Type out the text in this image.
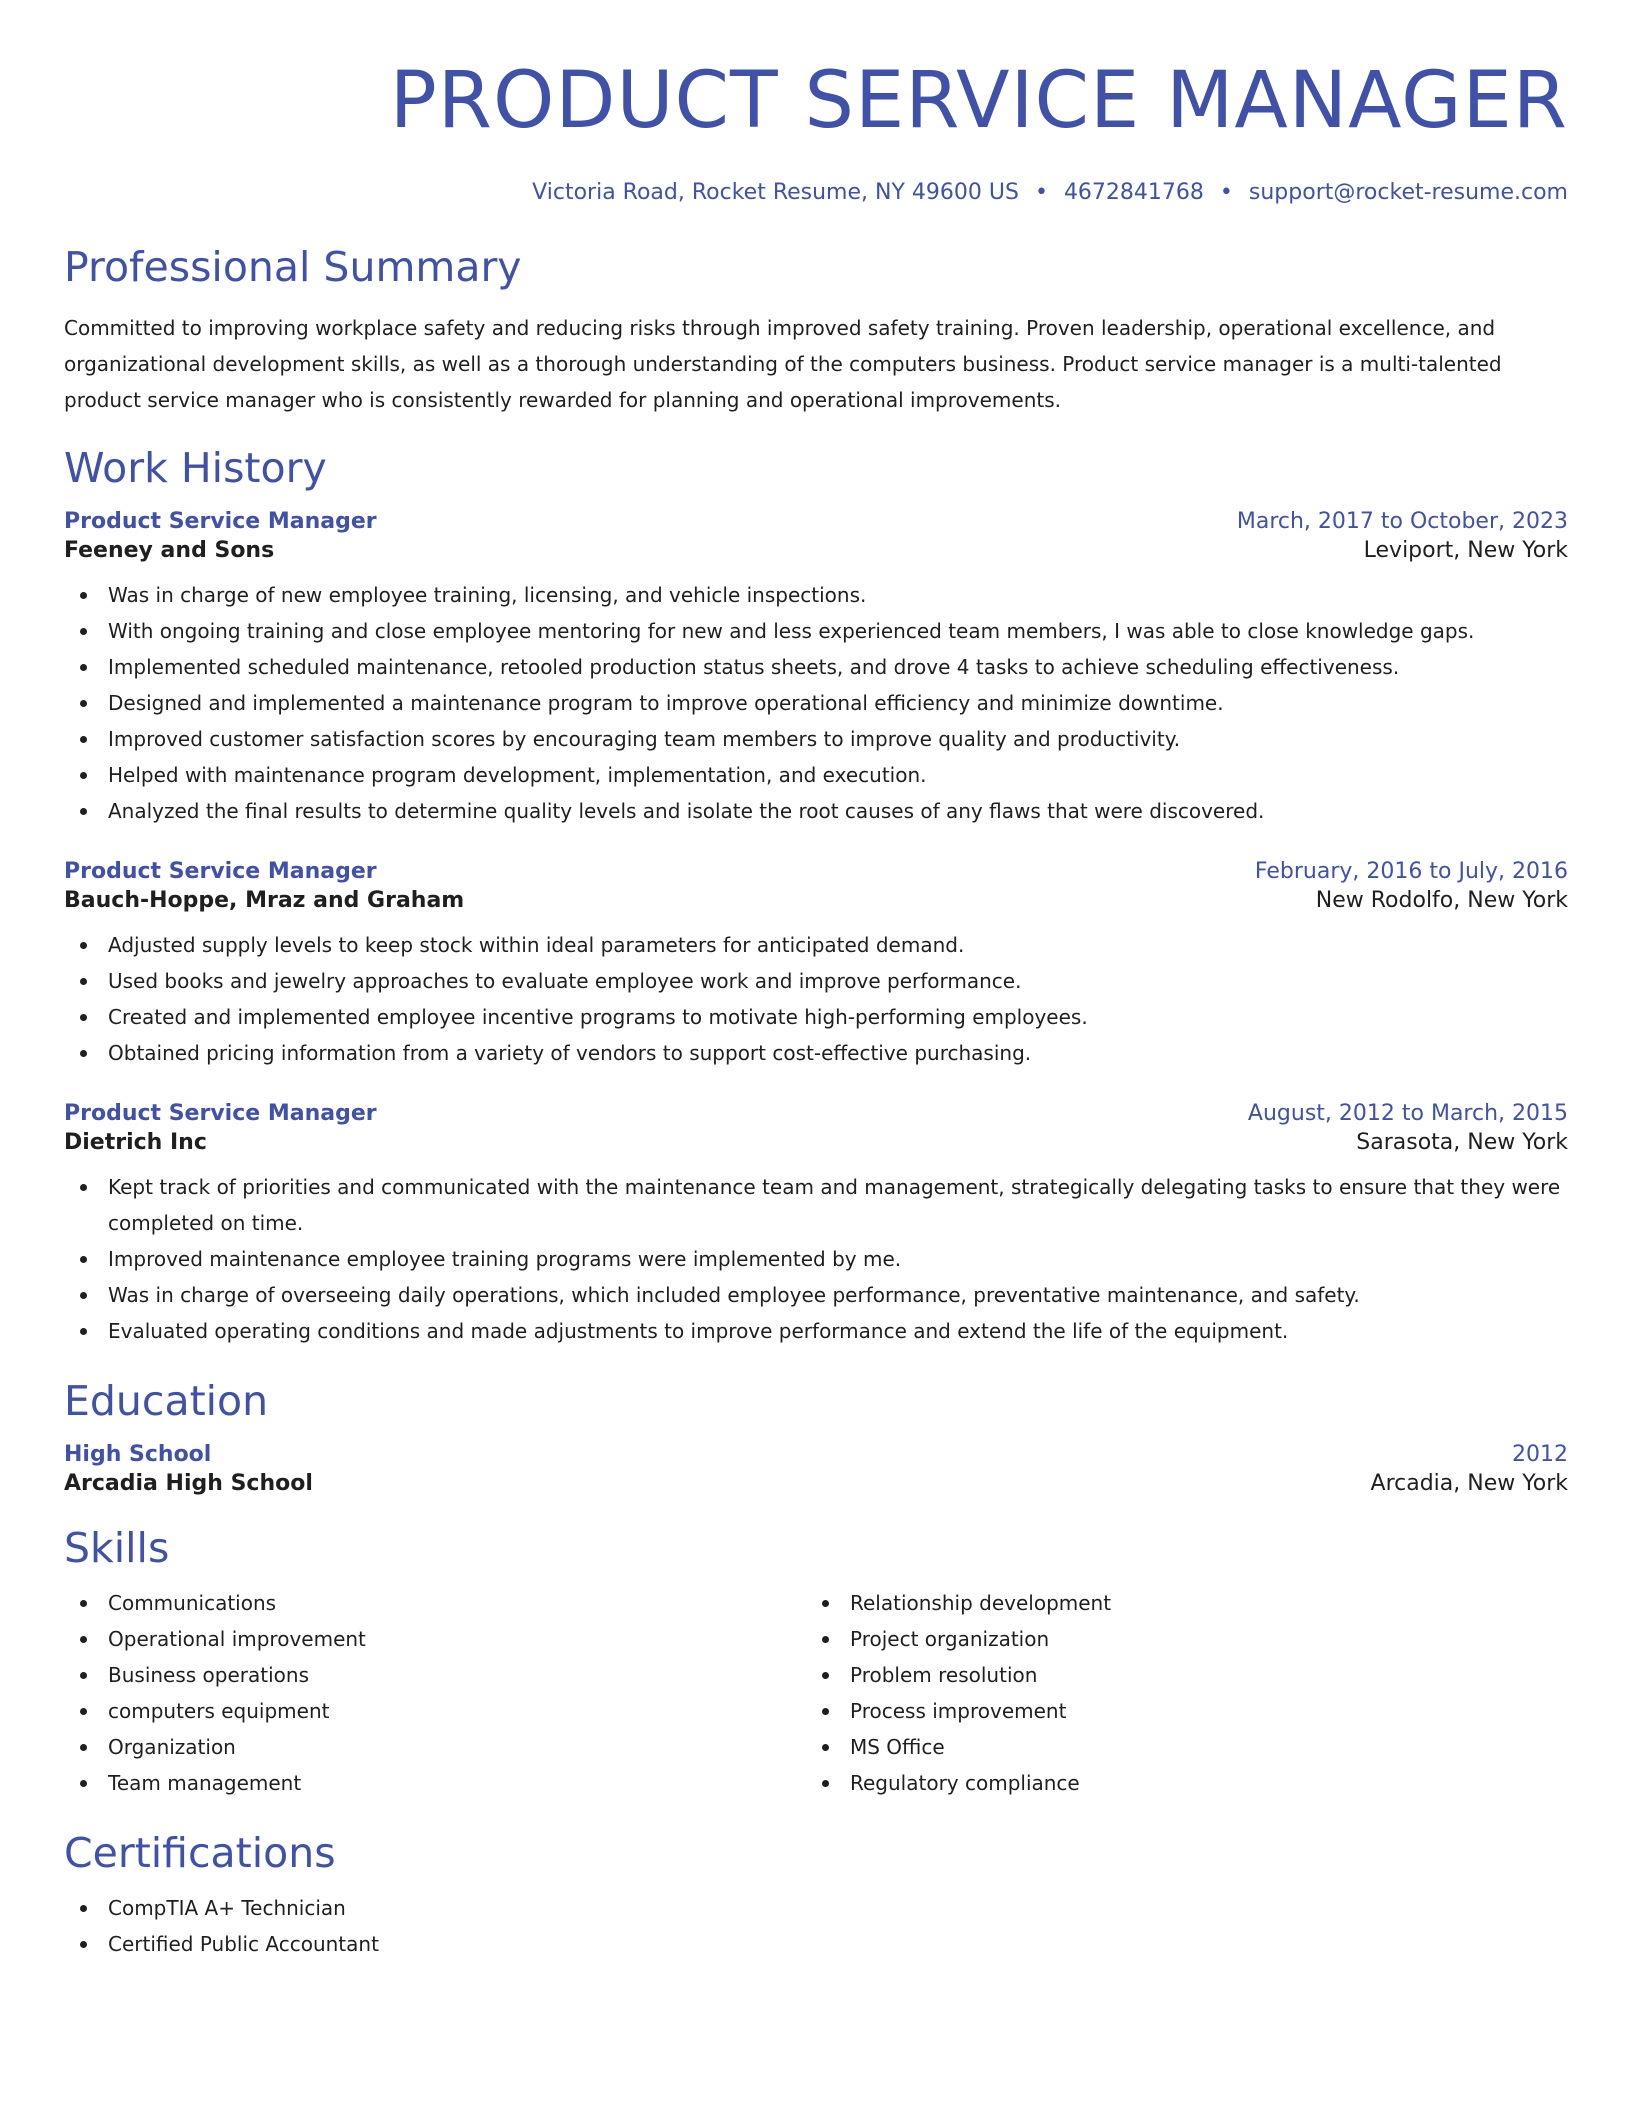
PRODUCT SERVICE MANAGER
Victoria Road, Rocket Resume, NY 49600 US • 4672841768 • support@rocket-resume.com
Professional Summary
Committed to improving workplace safety and reducing risks through improved safety training. Proven leadership, operational excellence, and organizational development skills, as well as a thorough understanding of the computers business. Product service manager is a multi-talented product service manager who is consistently rewarded for planning and operational improvements.
Work History
Product Service Manager	March, 2017 to October, 2023
Feeney and Sons	Leviport, New York
Was in charge of new employee training, licensing, and vehicle inspections.
With ongoing training and close employee mentoring for new and less experienced team members, I was able to close knowledge gaps.
Implemented scheduled maintenance, retooled production status sheets, and drove 4 tasks to achieve scheduling effectiveness.
Designed and implemented a maintenance program to improve operational efficiency and minimize downtime.
Improved customer satisfaction scores by encouraging team members to improve quality and productivity.
Helped with maintenance program development, implementation, and execution.
Analyzed the final results to determine quality levels and isolate the root causes of any flaws that were discovered.
Product Service Manager	February, 2016 to July, 2016
Bauch-Hoppe, Mraz and Graham	New Rodolfo, New York
Adjusted supply levels to keep stock within ideal parameters for anticipated demand.
Used books and jewelry approaches to evaluate employee work and improve performance.
Created and implemented employee incentive programs to motivate high-performing employees.
Obtained pricing information from a variety of vendors to support cost-effective purchasing.
Product Service Manager	August, 2012 to March, 2015
Dietrich Inc	Sarasota, New York
Kept track of priorities and communicated with the maintenance team and management, strategically delegating tasks to ensure that they were completed on time.
Improved maintenance employee training programs were implemented by me.
Was in charge of overseeing daily operations, which included employee performance, preventative maintenance, and safety.
Evaluated operating conditions and made adjustments to improve performance and extend the life of the equipment.
Education
High School	2012
Arcadia High School	Arcadia, New York
Skills
Communications
Operational improvement
Business operations
computers equipment
Organization
Team management
Relationship development
Project organization
Problem resolution
Process improvement
MS Office
Regulatory compliance
Certifications
CompTIA A+ Technician
Certified Public Accountant
